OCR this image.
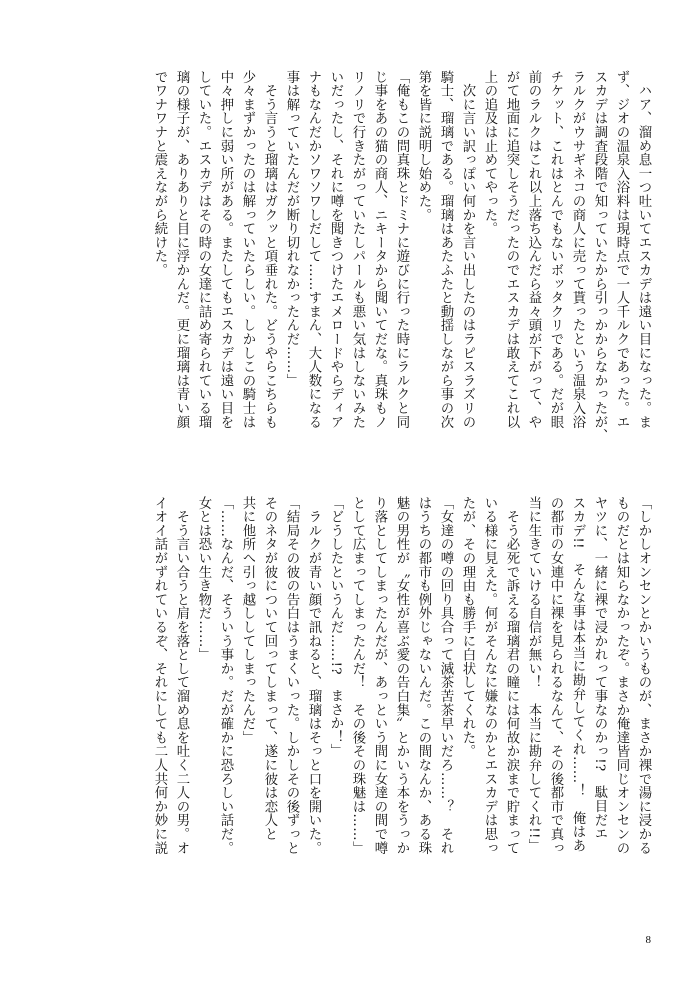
　ハア、溜め息一つ吐いてエスカデは遠い目になった。ま
ず、ジオの温泉入浴料は現時点で一人千ルクであった。エ
スカデは調査段階で知っていたから引っかからなかったが、
ラルクがウサギネコの商人に売って貰ったという温泉入浴
チケット、これはとんでもないボッタクリである。だが眼
前のラルクはこれ以上落ち込んだら益々頭が下がって、や
がて地面に追突しそうだったのでエスカデは敢えてこれ以
上の追及は止めてやった。
　次に言い訳っぽい何かを言い出したのはラピスラズリの
騎士、瑠璃である。瑠璃はあたふたと動揺しながら事の次
第を皆に説明し始めた。
「俺もこの問真珠とドミナに遊びに行った時にラルクと同
じ事をあの猫の商人、ニキータから聞いてだな。真珠もノ
リノリで行きたがっていたしパールも悪い気はしないみた
いだったし、それに噂を聞きつけたエメロードやらディア
ナもなんだかソワソワしだして……すまん、大人数になる
事は解っていたんだが断り切れなかったんだ……」
　そう言うと瑠璃はガクッと項垂れた。どうやらこちらも
少々まずかったのは解っていたらしい。しかしこの騎士は
中々押しに弱い所がある。またしてもエスカデは遠い目を
していた。エスカデはその時の女達に詰め寄られている瑠
璃の様子が、ありありと目に浮かんだ。更に瑠璃は青い顔
でワナワナと震えながら続けた。
「しかしオンセンとかいうものが、まさか裸で湯に浸かる
ものだとは知らなかったぞ。まさか俺達皆同じオンセンの
ヤツに、一緒に裸で浸かれって事なのかっ!?　駄目だエ
スカデ!!　そんな事は本当に勘弁してくれ……！　俺はあ
の都市の女連中に裸を見られるなんて、その後都市で真っ
当に生きていける自信が無い！　本当に勘弁してくれ!!」
　そう必死で訴える瑠璃君の瞳には何故か涙まで貯まって
いる様に見えた。何がそんなに嫌なのかとエスカデは思っ
たが、その理由も勝手に白状してくれた。
「女達の噂の回り具合って滅茶苦茶早いだろ……？　それ
はうちの都市も例外じゃないんだ。この間なんか、ある珠
魅の男性が〝女性が喜ぶ愛の告白集〟とかいう本をうっか
り落としてしまったんだが、あっという間に女達の間で噂
として広まってしまったんだ！　その後その珠魅は……」
「どうしたというんだ……!?　まさか！」
　ラルクが青い顔で訊ねると、瑠璃はそっと口を開いた。
「結局その彼の告白はうまくいった。しかしその後ずっと
そのネタが彼について回ってしまって、遂に彼は恋人と
共に他所へ引っ越ししてしまったんだ」
「……なんだ、そういう事か。だが確かに恐ろしい話だ。
女とは恐い生き物だ……」
　そう言い合うと肩を落として溜め息を吐く二人の男。オ
イオイ話がずれているぞ、それにしても二人共何か妙に説
8
